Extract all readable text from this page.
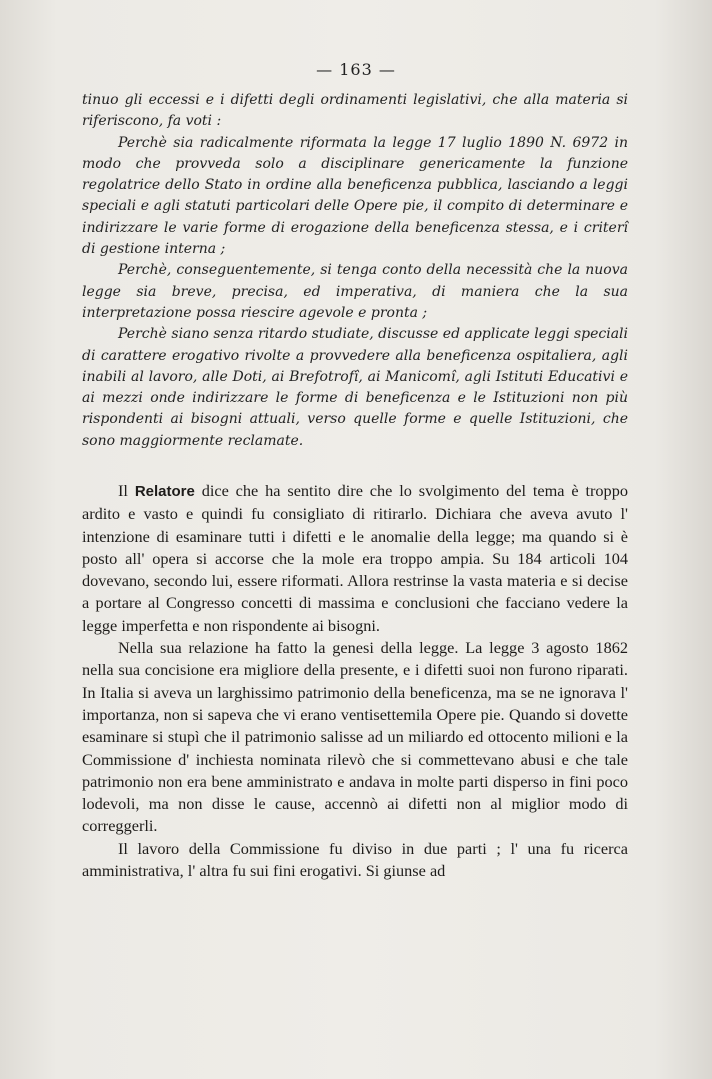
— 163 —

tinuo gli eccessi e i difetti degli ordinamenti legislativi, che alla materia si riferiscono, fa voti :

Perchè sia radicalmente riformata la legge 17 luglio 1890 N. 6972 in modo che provveda solo a disciplinare genericamente la funzione regolatrice dello Stato in ordine alla beneficenza pubblica, lasciando a leggi speciali e agli statuti particolari delle Opere pie, il compito di determinare e indirizzare le varie forme di erogazione della beneficenza stessa, e i criterî di gestione interna ;

Perchè, conseguentemente, si tenga conto della necessità che la nuova legge sia breve, precisa, ed imperativa, di maniera che la sua interpretazione possa riescire agevole e pronta ;

Perchè siano senza ritardo studiate, discusse ed applicate leggi speciali di carattere erogativo rivolte a provvedere alla beneficenza ospitaliera, agli inabili al lavoro, alle Doti, ai Brefotrofî, ai Manicomî, agli Istituti Educativi e ai mezzi onde indirizzare le forme di beneficenza e le Istituzioni non più rispondenti ai bisogni attuali, verso quelle forme e quelle Istituzioni, che sono maggiormente reclamate.

Il Relatore dice che ha sentito dire che lo svolgimento del tema è troppo ardito e vasto e quindi fu consigliato di ritirarlo. Dichiara che aveva avuto l' intenzione di esaminare tutti i difetti e le anomalie della legge; ma quando si è posto all' opera si accorse che la mole era troppo ampia. Su 184 articoli 104 dovevano, secondo lui, essere riformati. Allora restrinse la vasta materia e si decise a portare al Congresso concetti di massima e conclusioni che facciano vedere la legge imperfetta e non rispondente ai bisogni.

Nella sua relazione ha fatto la genesi della legge. La legge 3 agosto 1862 nella sua concisione era migliore della presente, e i difetti suoi non furono riparati. In Italia si aveva un larghissimo patrimonio della beneficenza, ma se ne ignorava l' importanza, non si sapeva che vi erano ventisettemila Opere pie. Quando si dovette esaminare si stupì che il patrimonio salisse ad un miliardo ed ottocento milioni e la Commissione d' inchiesta nominata rilevò che si commettevano abusi e che tale patrimonio non era bene amministrato e andava in molte parti disperso in fini poco lodevoli, ma non disse le cause, accennò ai difetti non al miglior modo di correggerli.

Il lavoro della Commissione fu diviso in due parti ; l' una fu ricerca amministrativa, l' altra fu sui fini erogativi. Si giunse ad
